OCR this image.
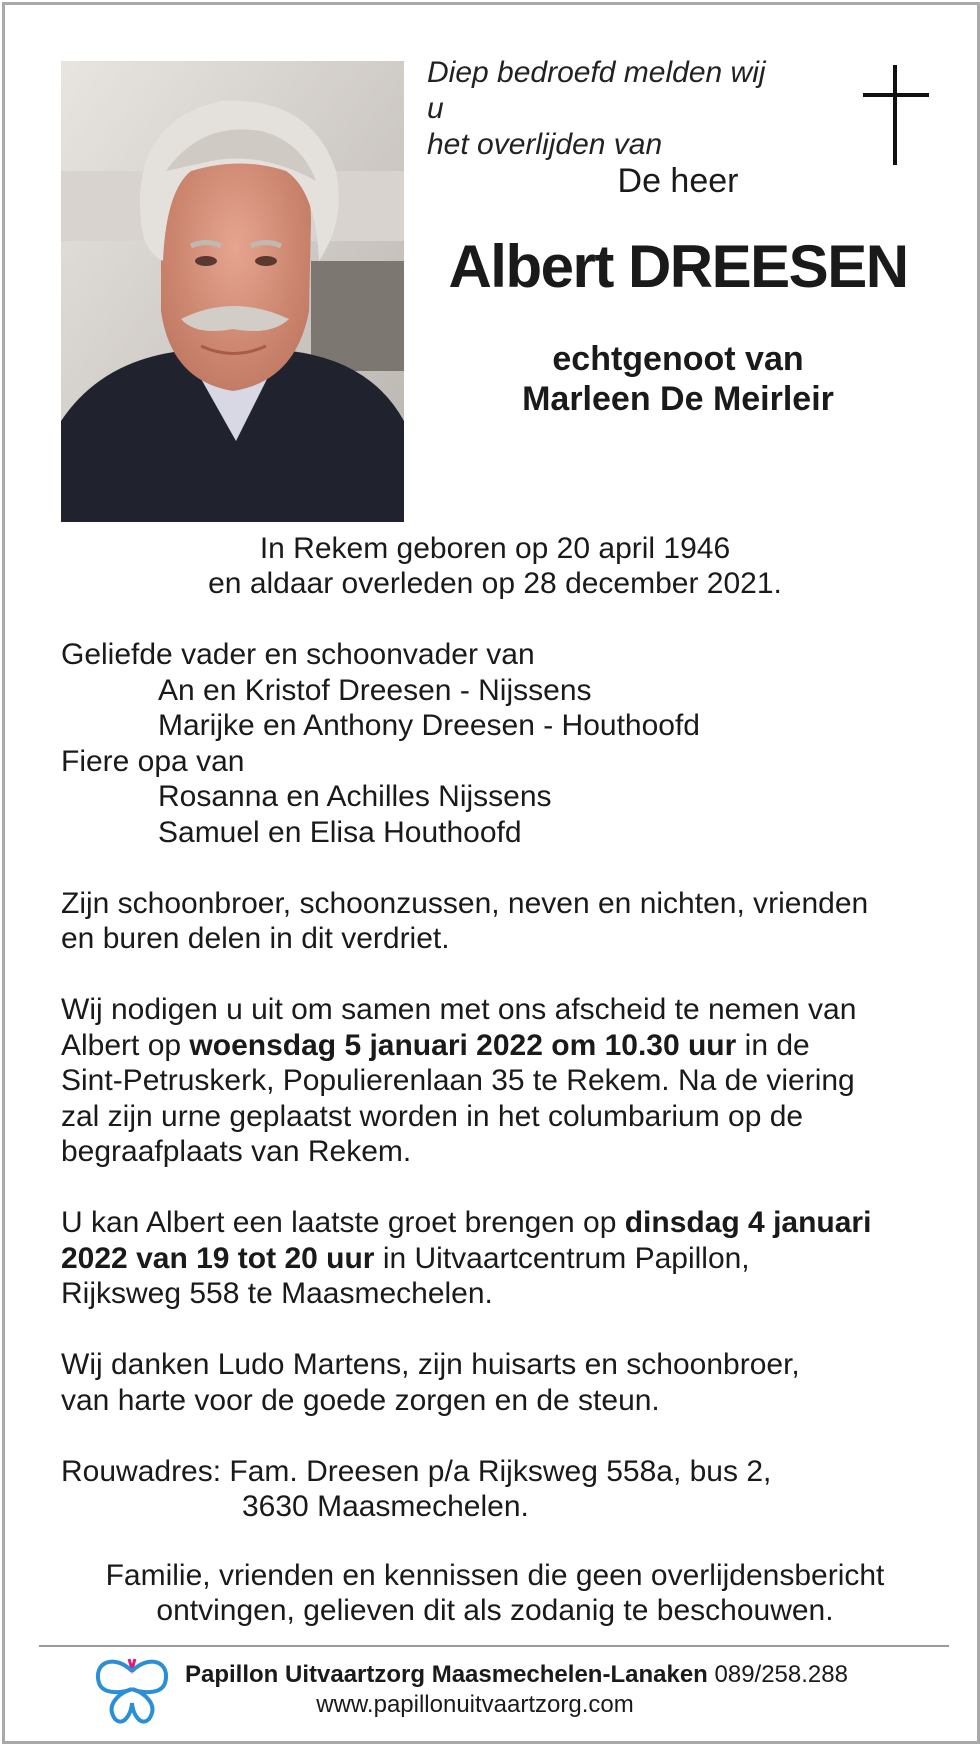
Diep bedroefd melden wij u
het overlijden van
De heer
Albert DREESEN
echtgenoot van
Marleen De Meirleir
In Rekem geboren op 20 april 1946
en aldaar overleden op 28 december 2021.

Geliefde vader en schoonvader van

An en Kristof Dreesen - Nijssens

Marijke en Anthony Dreesen - Houthoofd

Fiere opa van

Rosanna en Achilles Nijssens

Samuel en Elisa Houthoofd

Zijn schoonbroer, schoonzussen, neven en nichten, vrienden

en buren delen in dit verdriet.

Wij nodigen u uit om samen met ons afscheid te nemen van

Albert op woensdag 5 januari 2022 om 10.30 uur in de

Sint-Petruskerk, Populierenlaan 35 te Rekem. Na de viering

zal zijn urne geplaatst worden in het columbarium op de

begraafplaats van Rekem.

U kan Albert een laatste groet brengen op dinsdag 4 januari

2022 van 19 tot 20 uur in Uitvaartcentrum Papillon,

Rijksweg 558 te Maasmechelen.

Wij danken Ludo Martens, zijn huisarts en schoonbroer,

van harte voor de goede zorgen en de steun.

Rouwadres: Fam. Dreesen p/a Rijksweg 558a, bus 2,

3630 Maasmechelen.

Familie, vrienden en kennissen die geen overlijdensbericht
ontvingen, gelieven dit als zodanig te beschouwen.
Papillon Uitvaartzorg Maasmechelen-Lanaken 089/258.288
www.papillonuitvaartzorg.com
